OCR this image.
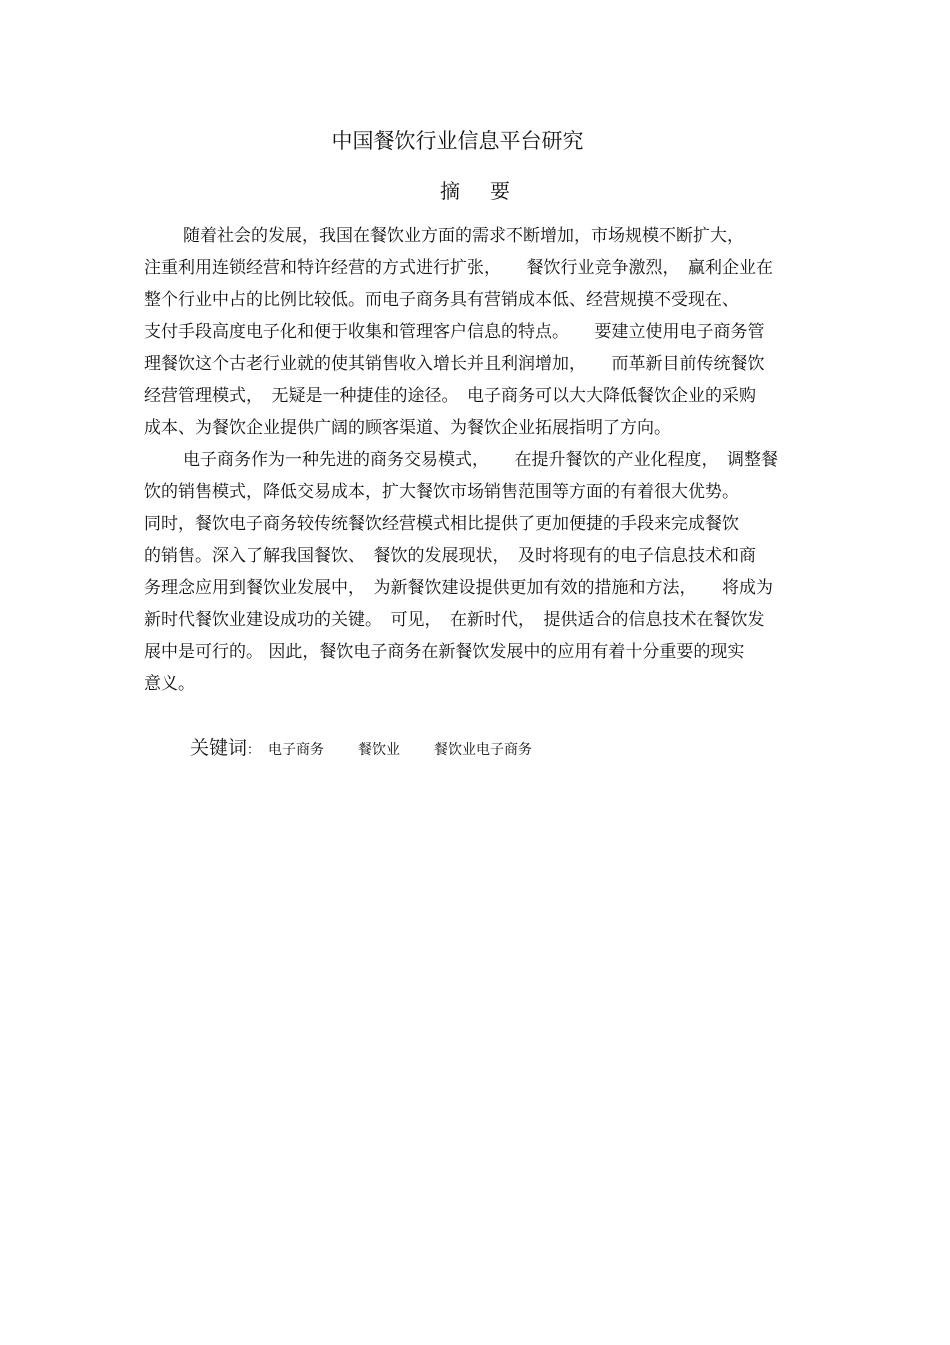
中国餐饮行业信息平台研究
摘 要

随着社会的发展，我国在餐饮业方面的需求不断增加，市场规模不断扩大，

注重利用连锁经营和特许经营的方式进行扩张，　　餐饮行业竞争激烈，　赢利企业在

整个行业中占的比例比较低。而电子商务具有营销成本低、经营规摸不受现在、

支付手段高度电子化和便于收集和管理客户信息的特点。　　要建立使用电子商务管

理餐饮这个古老行业就的使其销售收入增长并且利润增加，　　而革新目前传统餐饮

经营管理模式，　无疑是一种捷佳的途径。　电子商务可以大大降低餐饮企业的采购

成本、为餐饮企业提供广阔的顾客渠道、为餐饮企业拓展指明了方向。

电子商务作为一种先进的商务交易模式，　　在提升餐饮的产业化程度，　调整餐

饮的销售模式，降低交易成本，扩大餐饮市场销售范围等方面的有着很大优势。

同时，餐饮电子商务较传统餐饮经营模式相比提供了更加便捷的手段来完成餐饮

的销售。深入了解我国餐饮、　餐饮的发展现状，　及时将现有的电子信息技术和商

务理念应用到餐饮业发展中，　为新餐饮建设提供更加有效的措施和方法，　　将成为

新时代餐饮业建设成功的关键。　可见，　在新时代，　提供适合的信息技术在餐饮发

展中是可行的。 因此，餐饮电子商务在新餐饮发展中的应用有着十分重要的现实

意义。

关键词： 电子商务 餐饮业 餐饮业电子商务
